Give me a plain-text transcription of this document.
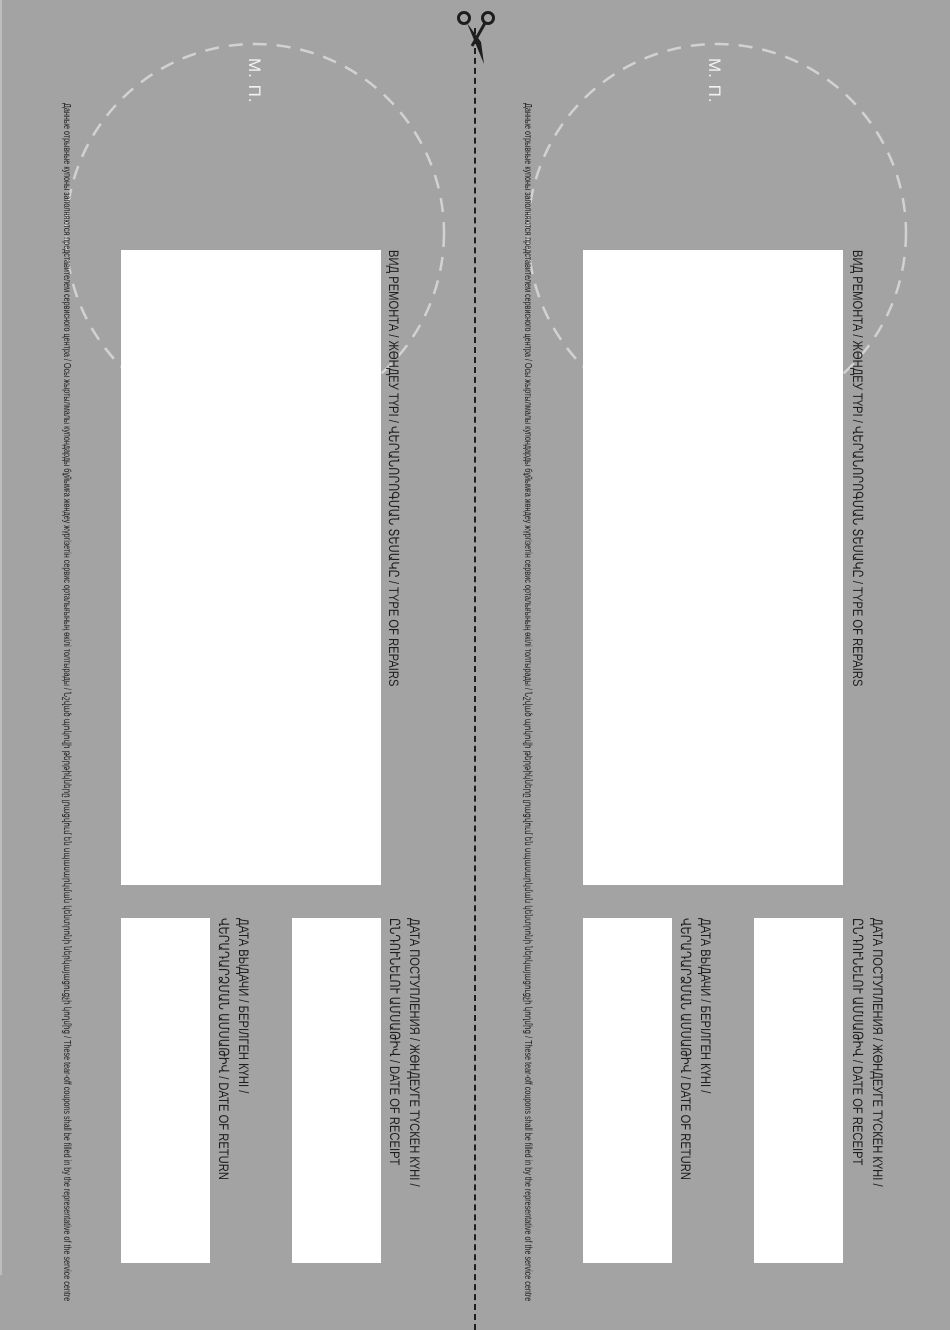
М. П.
Данные отрывные купоны заполняются представителем сервисного центра / Осы жыртылмалы купондарды бұйымға жөндеу жүргізетін сервис орталығының өкілі толтырады / Նշված պոկովի թերթիկները լրացվում են սպասարկման կենտրոնի ներկայացուցչի կողմից / These tear-off coupons shall be filled in by the representative of the service centre	ВИД РЕМОНТА / ЖӨНДЕУ ТҮРІ / ՎԵՐԱՆՈՐՈԳՄԱՆ ՏԵՍԱԿԸ / TYPE OF REPAIRS
ДАТА ПОСТУПЛЕНИЯ / ЖӨНДЕУГЕ ТҮСКЕН КҮНІ /
ԸՆԴՈՒՆԵԼՈՒ ԱՄՍԱԹԻՎ / DATE OF RECEIPT
ДАТА ВЫДАЧИ / БЕРІЛГЕН КҮНІ /
ՎԵՐԱԴԱՐՁՄԱՆ ԱՄՍԱԹԻՎ / DATE OF RETURN
М. П.
Данные отрывные купоны заполняются представителем сервисного центра / Осы жыртылмалы купондарды бұйымға жөндеу жүргізетін сервис орталығының өкілі толтырады / Նշված պոկովի թերթիկները լրացվում են սպասարկման կենտրոնի ներկայացուցչի կողմից / These tear-off coupons shall be filled in by the representative of the service centre	ВИД РЕМОНТА / ЖӨНДЕУ ТҮРІ / ՎԵՐԱՆՈՐՈԳՄԱՆ ՏԵՍԱԿԸ / TYPE OF REPAIRS
ДАТА ПОСТУПЛЕНИЯ / ЖӨНДЕУГЕ ТҮСКЕН КҮНІ /
ԸՆԴՈՒՆԵԼՈՒ ԱՄՍԱԹԻՎ / DATE OF RECEIPT
ДАТА ВЫДАЧИ / БЕРІЛГЕН КҮНІ /
ՎԵՐԱԴԱՐՁՄԱՆ ԱՄՍԱԹԻՎ / DATE OF RETURN
